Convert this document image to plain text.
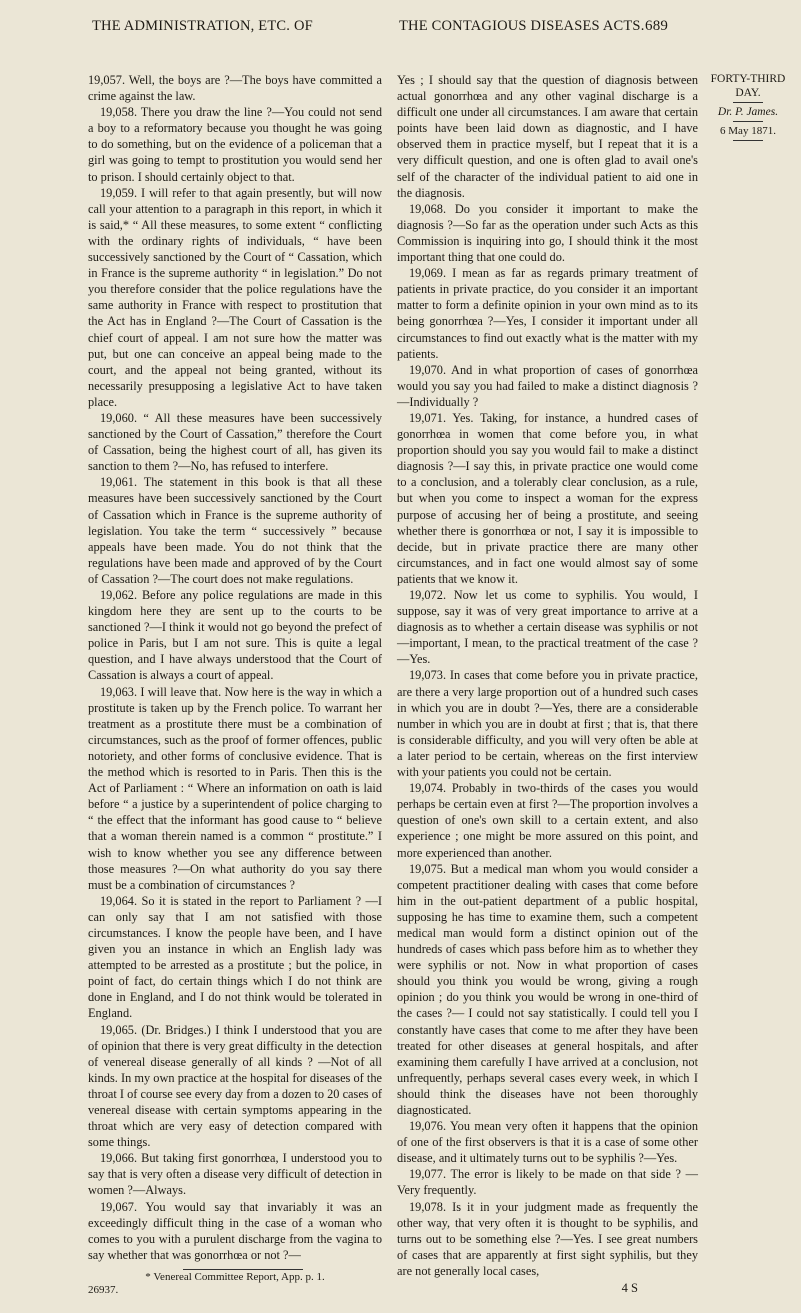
THE ADMINISTRATION, ETC. OF	THE CONTAGIOUS DISEASES ACTS. 689

19,057. Well, the boys are ?—The boys have committed a crime against the law.

19,058. There you draw the line ?—You could not send a boy to a reformatory because you thought he was going to do something, but on the evidence of a policeman that a girl was going to tempt to prostitution you would send her to prison. I should certainly object to that.

19,059. I will refer to that again presently, but will now call your attention to a paragraph in this report, in which it is said,* “ All these measures, to some extent “ conflicting with the ordinary rights of individuals, “ have been successively sanctioned by the Court of “ Cassation, which in France is the supreme authority “ in legislation.” Do not you therefore consider that the police regulations have the same authority in France with respect to prostitution that the Act has in England ?—The Court of Cassation is the chief court of appeal. I am not sure how the matter was put, but one can conceive an appeal being made to the court, and the appeal not being granted, without its necessarily presupposing a legislative Act to have taken place.

19,060. “ All these measures have been successively sanctioned by the Court of Cassation,” therefore the Court of Cassation, being the highest court of all, has given its sanction to them ?—No, has refused to interfere.

19,061. The statement in this book is that all these measures have been successively sanctioned by the Court of Cassation which in France is the supreme authority of legislation. You take the term “ successively ” because appeals have been made. You do not think that the regulations have been made and approved of by the Court of Cassation ?—The court does not make regulations.

19,062. Before any police regulations are made in this kingdom here they are sent up to the courts to be sanctioned ?—I think it would not go beyond the prefect of police in Paris, but I am not sure. This is quite a legal question, and I have always understood that the Court of Cassation is always a court of appeal.

19,063. I will leave that. Now here is the way in which a prostitute is taken up by the French police. To warrant her treatment as a prostitute there must be a combination of circumstances, such as the proof of former offences, public notoriety, and other forms of conclusive evidence. That is the method which is resorted to in Paris. Then this is the Act of Parliament : “ Where an information on oath is laid before “ a justice by a superintendent of police charging to “ the effect that the informant has good cause to “ believe that a woman therein named is a common “ prostitute.” I wish to know whether you see any difference between those measures ?—On what authority do you say there must be a combination of circumstances ?

19,064. So it is stated in the report to Parliament ? —I can only say that I am not satisfied with those circumstances. I know the people have been, and I have given you an instance in which an English lady was attempted to be arrested as a prostitute ; but the police, in point of fact, do certain things which I do not think are done in England, and I do not think would be tolerated in England.

19,065. (Dr. Bridges.) I think I understood that you are of opinion that there is very great difficulty in the detection of venereal disease generally of all kinds ? —Not of all kinds. In my own practice at the hospital for diseases of the throat I of course see every day from a dozen to 20 cases of venereal disease with certain symptoms appearing in the throat which are very easy of detection compared with some things.

19,066. But taking first gonorrhœa, I understood you to say that is very often a disease very difficult of detection in women ?—Always.

19,067. You would say that invariably it was an exceedingly difficult thing in the case of a woman who comes to you with a purulent discharge from the vagina to say whether that was gonorrhœa or not ?—

* Venereal Committee Report, App. p. 1.
26937.

Yes ; I should say that the question of diagnosis between actual gonorrhœa and any other vaginal discharge is a difficult one under all circumstances. I am aware that certain points have been laid down as diagnostic, and I have observed them in practice myself, but I repeat that it is a very difficult question, and one is often glad to avail one's self of the character of the individual patient to aid one in the diagnosis.

19,068. Do you consider it important to make the diagnosis ?—So far as the operation under such Acts as this Commission is inquiring into go, I should think it the most important thing that one could do.

19,069. I mean as far as regards primary treatment of patients in private practice, do you consider it an important matter to form a definite opinion in your own mind as to its being gonorrhœa ?—Yes, I consider it important under all circumstances to find out exactly what is the matter with my patients.

19,070. And in what proportion of cases of gonorrhœa would you say you had failed to make a distinct diagnosis ?—Individually ?

19,071. Yes. Taking, for instance, a hundred cases of gonorrhœa in women that come before you, in what proportion should you say you would fail to make a distinct diagnosis ?—I say this, in private practice one would come to a conclusion, and a tolerably clear conclusion, as a rule, but when you come to inspect a woman for the express purpose of accusing her of being a prostitute, and seeing whether there is gonorrhœa or not, I say it is impossible to decide, but in private practice there are many other circumstances, and in fact one would almost say of some patients that we know it.

19,072. Now let us come to syphilis. You would, I suppose, say it was of very great importance to arrive at a diagnosis as to whether a certain disease was syphilis or not —important, I mean, to the practical treatment of the case ?—Yes.

19,073. In cases that come before you in private practice, are there a very large proportion out of a hundred such cases in which you are in doubt ?—Yes, there are a considerable number in which you are in doubt at first ; that is, that there is considerable difficulty, and you will very often be able at a later period to be certain, whereas on the first interview with your patients you could not be certain.

19,074. Probably in two-thirds of the cases you would perhaps be certain even at first ?—The proportion involves a question of one's own skill to a certain extent, and also experience ; one might be more assured on this point, and more experienced than another.

19,075. But a medical man whom you would consider a competent practitioner dealing with cases that come before him in the out-patient department of a public hospital, supposing he has time to examine them, such a competent medical man would form a distinct opinion out of the hundreds of cases which pass before him as to whether they were syphilis or not. Now in what proportion of cases should you think you would be wrong, giving a rough opinion ; do you think you would be wrong in one-third of the cases ?— I could not say statistically. I could tell you I constantly have cases that come to me after they have been treated for other diseases at general hospitals, and after examining them carefully I have arrived at a conclusion, not unfrequently, perhaps several cases every week, in which I should think the diseases have not been thoroughly diagnosticated.

19,076. You mean very often it happens that the opinion of one of the first observers is that it is a case of some other disease, and it ultimately turns out to be syphilis ?—Yes.

19,077. The error is likely to be made on that side ? —Very frequently.

19,078. Is it in your judgment made as frequently the other way, that very often it is thought to be syphilis, and turns out to be something else ?—Yes. I see great numbers of cases that are apparently at first sight syphilis, but they are not generally local cases,

4 S
FORTY-THIRD DAY.
Dr. P. James.
6 May 1871.
